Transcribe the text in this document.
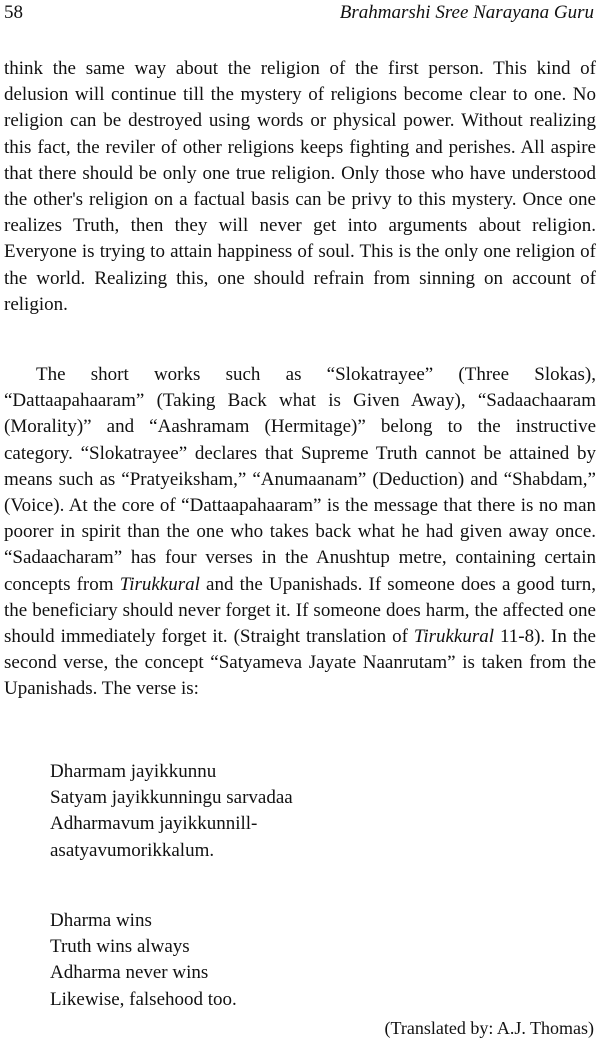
58	Brahmarshi Sree Narayana Guru

think the same way about the religion of the first person. This kind of delusion will continue till the mystery of religions become clear to one. No religion can be destroyed using words or physical power. Without realizing this fact, the reviler of other religions keeps fighting and perishes. All aspire that there should be only one true religion. Only those who have understood the other's religion on a factual basis can be privy to this mystery. Once one realizes Truth, then they will never get into arguments about religion. Everyone is trying to attain happiness of soul. This is the only one religion of the world. Realizing this, one should refrain from sinning on account of religion.

The short works such as “Slokatrayee” (Three Slokas), “Dattaapahaaram” (Taking Back what is Given Away), “Sadaachaaram (Morality)” and “Aashramam (Hermitage)” belong to the instructive category. “Slokatrayee” declares that Supreme Truth cannot be attained by means such as “Pratyeiksham,” “Anumaanam” (Deduction) and “Shabdam,” (Voice). At the core of “Dattaapahaaram” is the message that there is no man poorer in spirit than the one who takes back what he had given away once. “Sadaacharam” has four verses in the Anushtup metre, containing certain concepts from Tirukkural and the Upanishads. If someone does a good turn, the beneficiary should never forget it. If someone does harm, the affected one should immediately forget it. (Straight translation of Tirukkural 11-8). In the second verse, the concept “Satyameva Jayate Naanrutam” is taken from the Upanishads. The verse is:

Dharmam jayikkunnu
Satyam jayikkunningu sarvadaa
Adharmavum jayikkunnill-
asatyavumorikkalum.
Dharma wins
Truth wins always
Adharma never wins
Likewise, falsehood too.
(Translated by: A.J. Thomas)
